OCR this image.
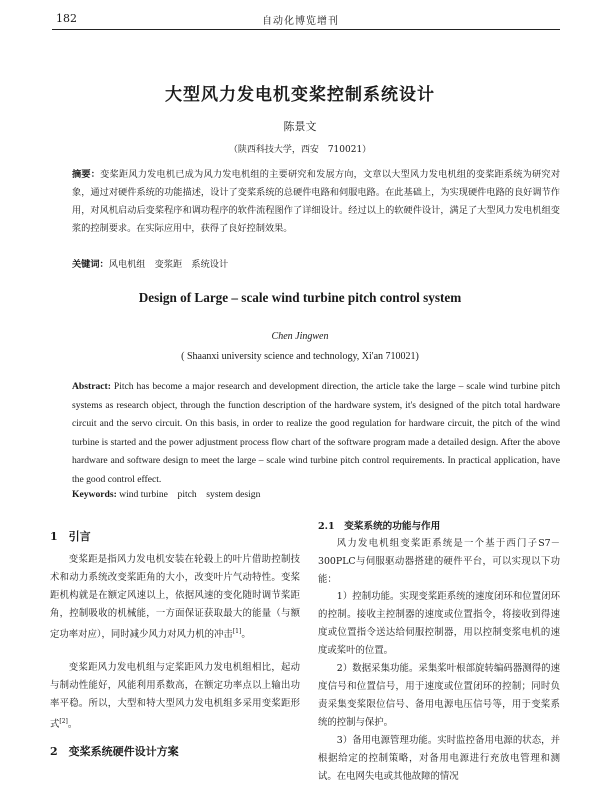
182	自动化博览增刊
大型风力发电机变桨控制系统设计
陈景文
（陕西科技大学，西安　710021）
摘要：变桨距风力发电机已成为风力发电机组的主要研究和发展方向，文章以大型风力发电机组的变桨距系统为研究对象，通过对硬件系统的功能描述，设计了变桨系统的总硬件电路和伺服电路。在此基础上，为实现硬件电路的良好调节作用，对风机启动后变桨程序和调功程序的软件流程图作了详细设计。经过以上的软硬件设计，满足了大型风力发电机组变浆的控制要求。在实际应用中，获得了良好控制效果。
关键词：风电机组　变浆距　系统设计
Design of Large – scale wind turbine pitch control system
Chen Jingwen
( Shaanxi university science and technology, Xi'an 710021)
Abstract: Pitch has become a major research and development direction, the article take the large – scale wind turbine pitch systems as research object, through the function description of the hardware system, it's designed of the pitch total hardware circuit and the servo circuit. On this basis, in order to realize the good regulation for hardware circuit, the pitch of the wind turbine is started and the power adjustment process flow chart of the software program made a detailed design. After the above hardware and software design to meet the large – scale wind turbine pitch control requirements. In practical application, have the good control effect.
Keywords: wind turbine　pitch　system design
1　引言
变桨距是指风力发电机安装在轮毂上的叶片借助控制技术和动力系统改变桨距角的大小，改变叶片气动特性。变桨距机构就是在额定风速以上，依据风速的变化随时调节桨距角，控制吸收的机械能，一方面保证获取最大的能量（与额定功率对应），同时减少风力对风力机的冲击[1]。
变桨距风力发电机组与定桨距风力发电机组相比，起动与制动性能好，风能利用系数高，在额定功率点以上输出功率平稳。所以，大型和特大型风力发电机组多采用变桨距形式[2]。
2　变桨系统硬件设计方案
2.1　变桨系统的功能与作用
风力发电机组变桨距系统是一个基于西门子S7－300PLC与伺服驱动器搭建的硬件平台，可以实现以下功能：
1）控制功能。实现变桨距系统的速度闭环和位置闭环的控制。接收主控制器的速度或位置指令，将接收到得速度或位置指令送达给伺服控制器，用以控制变浆电机的速度或桨叶的位置。
2）数据采集功能。采集桨叶根部旋转编码器测得的速度信号和位置信号，用于速度或位置闭环的控制；同时负责采集变桨限位信号、备用电源电压信号等，用于变桨系统的控制与保护。
3）备用电源管理功能。实时监控备用电源的状态，并根据给定的控制策略，对备用电源进行充放电管理和测试。在电网失电或其他故障的情况
